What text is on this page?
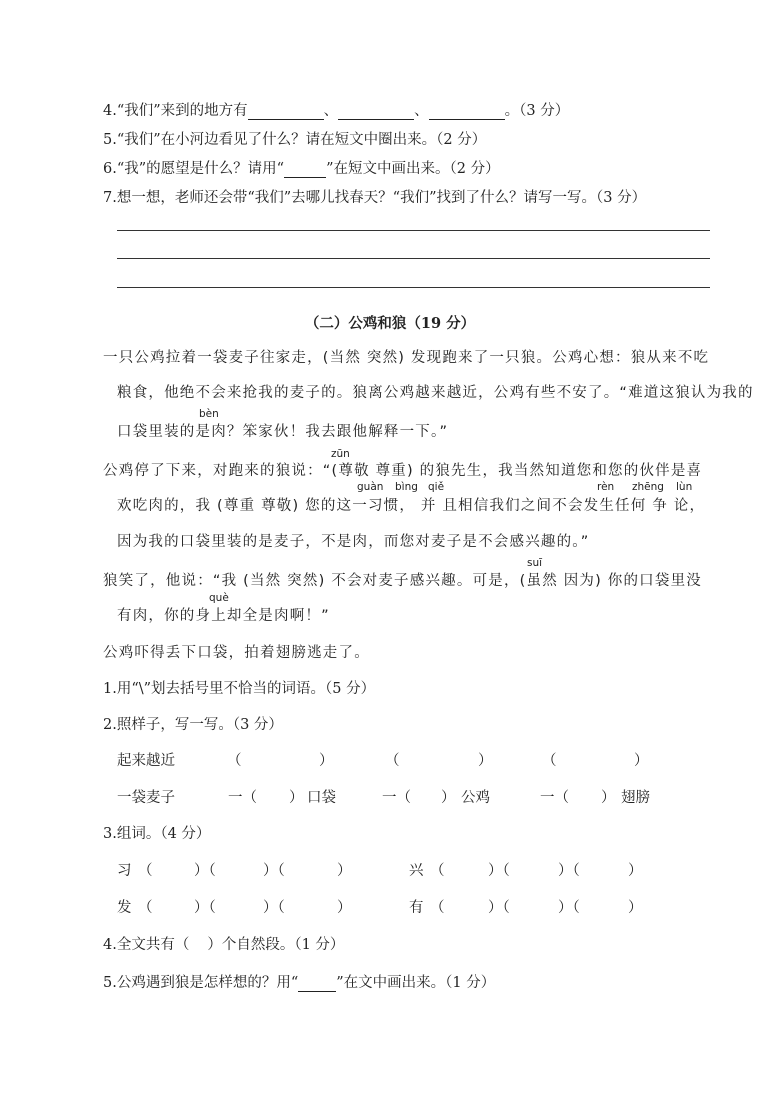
4.“我们”来到的地方有	、	、	。（3 分）
5.“我们”在小河边看见了什么？请在短文中圈出来。（2 分）
6.“我”的愿望是什么？请用“	”在短文中画出来。（2 分）
7.想一想，老师还会带“我们”去哪儿找春天？“我们”找到了什么？请写一写。（3 分）
（二）公鸡和狼（19 分）
一只公鸡拉着一袋麦子往家走，(当然 突然) 发现跑来了一只狼。公鸡心想：狼从来不吃
粮食，他绝不会来抢我的麦子的。狼离公鸡越来越近，公鸡有些不安了。“难道这狼认为我的
bèn
口袋里装的是肉？笨家伙！我去跟他解释一下。”
zūn
公鸡停了下来，对跑来的狼说：“(尊敬 尊重) 的狼先生，我当然知道您和您的伙伴是喜
guàn bìng qiě	rèn zhēng lùn
欢吃肉的，我 (尊重 尊敬) 您的这一习惯， 并 且相信我们之间不会发生任何 争 论，
因为我的口袋里装的是麦子，不是肉，而您对麦子是不会感兴趣的。”
suī
狼笑了，他说：“我 (当然 突然) 不会对麦子感兴趣。可是，(虽然 因为) 你的口袋里没
què
有肉，你的身上却全是肉啊！”
公鸡吓得丢下口袋，拍着翅膀逃走了。
1.用“\”划去括号里不恰当的词语。（5 分）
2.照样子，写一写。（3 分）
起来越近	（	）	（	）	（	）
一袋麦子	一（ ） 口袋	一（ ） 公鸡	一（ ） 翅膀
3.组词。（4 分）
习 （	）（	）（	）	兴 （	）（	）（	）
发 （	）（	）（	）	有 （	）（	）（	）
4.全文共有（ ）个自然段。（1 分）
5.公鸡遇到狼是怎样想的？用“	”在文中画出来。（1 分）
